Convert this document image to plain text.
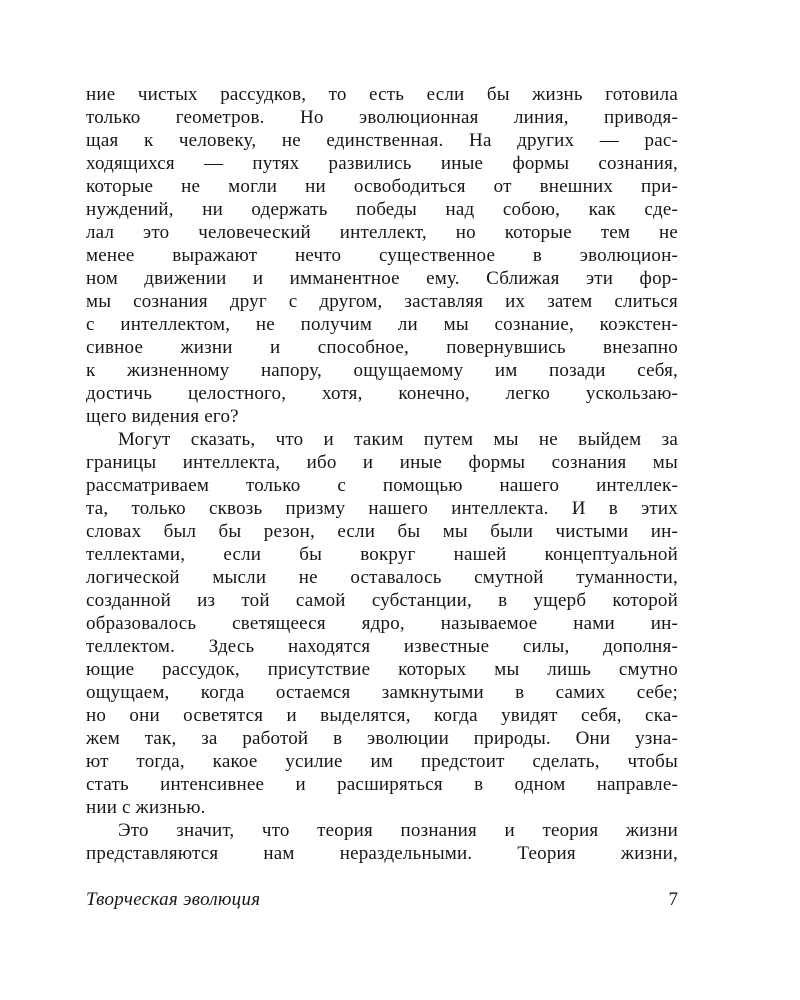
ние чистых рассудков, то есть если бы жизнь готовила
только геометров. Но эволюционная линия, приводя-
щая к человеку, не единственная. На других — рас-
ходящихся — путях развились иные формы сознания,
которые не могли ни освободиться от внешних при-
нуждений, ни одержать победы над собою, как сде-
лал это человеческий интеллект, но которые тем не
менее выражают нечто существенное в эволюцион-
ном движении и имманентное ему. Сближая эти фор-
мы сознания друг с другом, заставляя их затем слиться
с интеллектом, не получим ли мы сознание, коэкстен-
сивное жизни и способное, повернувшись внезапно
к жизненному напору, ощущаемому им позади себя,
достичь целостного, хотя, конечно, легко ускользаю-
щего видения его?
Могут сказать, что и таким путем мы не выйдем за
границы интеллекта, ибо и иные формы сознания мы
рассматриваем только с помощью нашего интеллек-
та, только сквозь призму нашего интеллекта. И в этих
словах был бы резон, если бы мы были чистыми ин-
теллектами, если бы вокруг нашей концептуальной
логической мысли не оставалось смутной туманности,
созданной из той самой субстанции, в ущерб которой
образовалось светящееся ядро, называемое нами ин-
теллектом. Здесь находятся известные силы, дополня-
ющие рассудок, присутствие которых мы лишь смутно
ощущаем, когда остаемся замкнутыми в самих себе;
но они осветятся и выделятся, когда увидят себя, ска-
жем так, за работой в эволюции природы. Они узна-
ют тогда, какое усилие им предстоит сделать, чтобы
стать интенсивнее и расширяться в одном направле-
нии с жизнью.
Это значит, что теория познания и теория жизни
представляются нам нераздельными. Теория жизни,
Творческая эволюция	7
